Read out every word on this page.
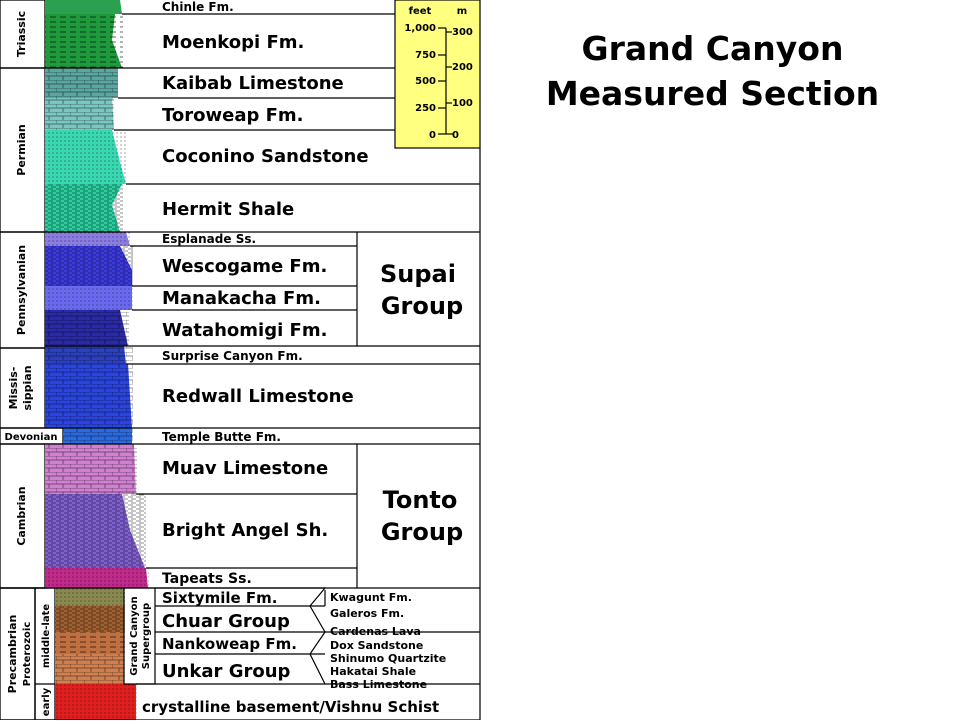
Triassic
Permian
Pennsylvanian
Missis- sippian
Devonian
Cambrian
Precambrian Proterozoic middle-late
early
Chinle Fm.
Moenkopi Fm.
Kaibab Limestone
Toroweap Fm.
Coconino Sandstone
Hermit Shale
Esplanade Ss.
Wescogame Fm.
Manakacha Fm.
Watahomigi Fm.
Surprise Canyon Fm.
Redwall Limestone
Temple Butte Fm.
Muav Limestone
Bright Angel Sh.
Tapeats Ss.
Sixtymile Fm.
Chuar Group
Nankoweap Fm.
Unkar Group
crystalline basement/Vishnu Schist
Supai
Group
Tonto
Group
Grand Canyon Supergroup
Kwagunt Fm.
Galeros Fm.
Cardenas Lava
Dox Sandstone
Shinumo Quartzite
Hakatai Shale
Bass Limestone
feet	m
1,000
750
500
250
0
300
200
100
0
Grand Canyon
Measured Section
